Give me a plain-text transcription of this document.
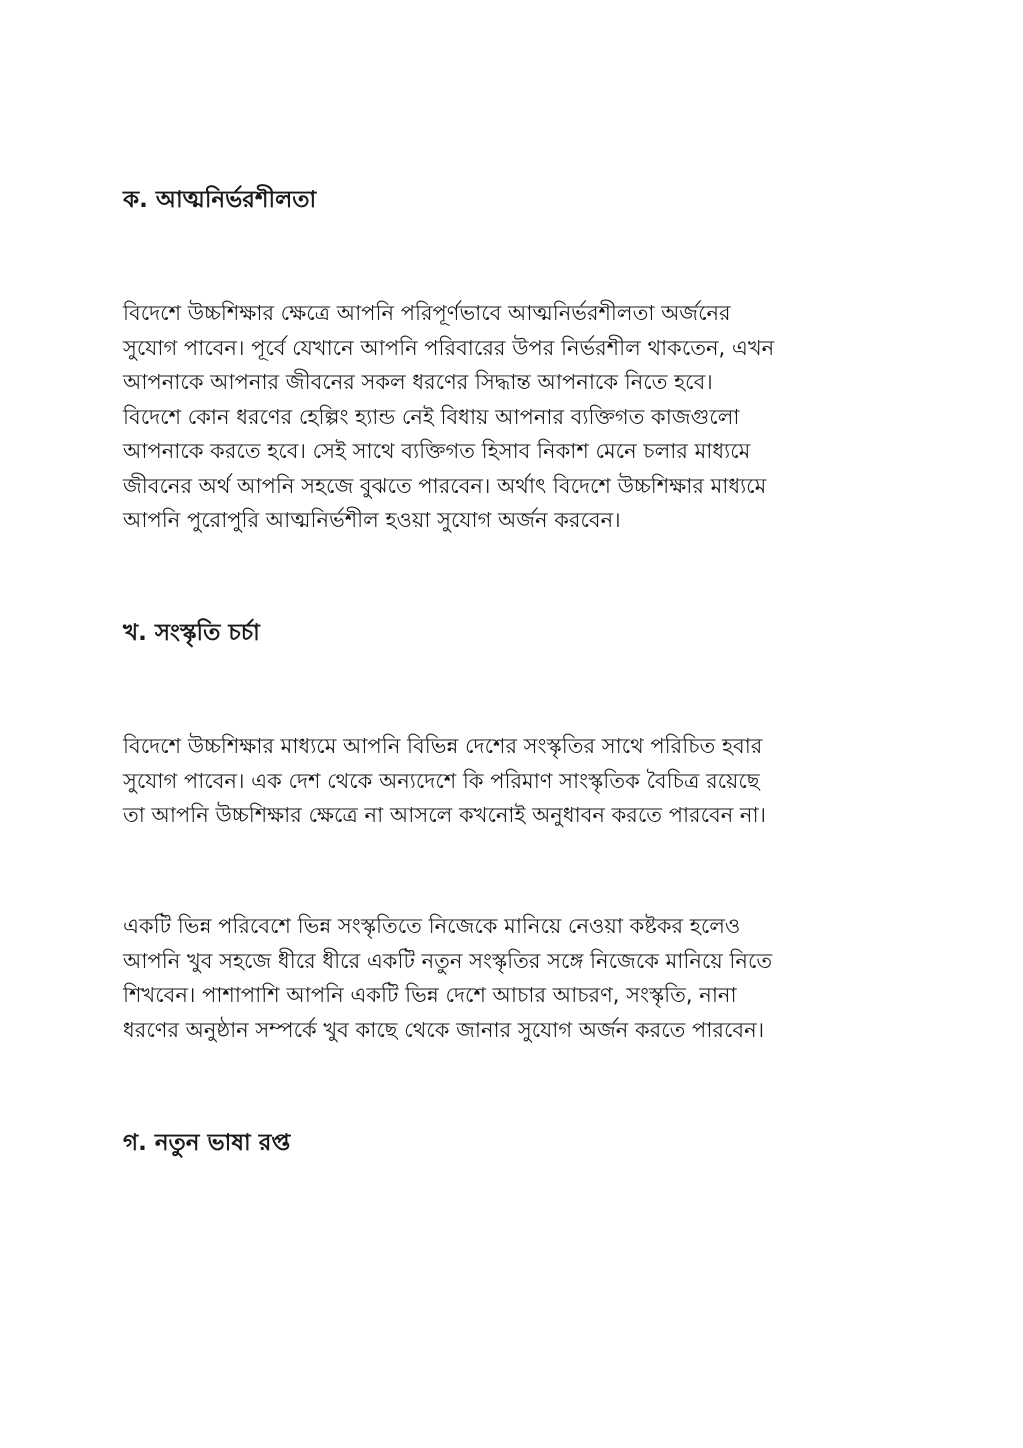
ক. আত্মনির্ভরশীলতা
বিদেশে উচ্চশিক্ষার ক্ষেত্রে আপনি পরিপূর্ণভাবে আত্মনির্ভরশীলতা অর্জনের
সুযোগ পাবেন। পূর্বে যেখানে আপনি পরিবারের উপর নির্ভরশীল থাকতেন, এখন
আপনাকে আপনার জীবনের সকল ধরণের সিদ্ধান্ত আপনাকে নিতে হবে।
বিদেশে কোন ধরণের হেল্পিং হ্যান্ড নেই বিধায় আপনার ব্যক্তিগত কাজগুলো
আপনাকে করতে হবে। সেই সাথে ব্যক্তিগত হিসাব নিকাশ মেনে চলার মাধ্যমে
জীবনের অর্থ আপনি সহজে বুঝতে পারবেন। অর্থাৎ বিদেশে উচ্চশিক্ষার মাধ্যমে
আপনি পুরোপুরি আত্মনির্ভশীল হওয়া সুযোগ অর্জন করবেন।
খ. সংস্কৃতি চর্চা
বিদেশে উচ্চশিক্ষার মাধ্যমে আপনি বিভিন্ন দেশের সংস্কৃতির সাথে পরিচিত হবার
সুযোগ পাবেন। এক দেশ থেকে অন্যদেশে কি পরিমাণ সাংস্কৃতিক বৈচিত্র রয়েছে
তা আপনি উচ্চশিক্ষার ক্ষেত্রে না আসলে কখনোই অনুধাবন করতে পারবেন না।
একটি ভিন্ন পরিবেশে ভিন্ন সংস্কৃতিতে নিজেকে মানিয়ে নেওয়া কষ্টকর হলেও
আপনি খুব সহজে ধীরে ধীরে একটি নতুন সংস্কৃতির সঙ্গে নিজেকে মানিয়ে নিতে
শিখবেন। পাশাপাশি আপনি একটি ভিন্ন দেশে আচার আচরণ, সংস্কৃতি, নানা
ধরণের অনুষ্ঠান সম্পর্কে খুব কাছে থেকে জানার সুযোগ অর্জন করতে পারবেন।
গ. নতুন ভাষা রপ্ত
